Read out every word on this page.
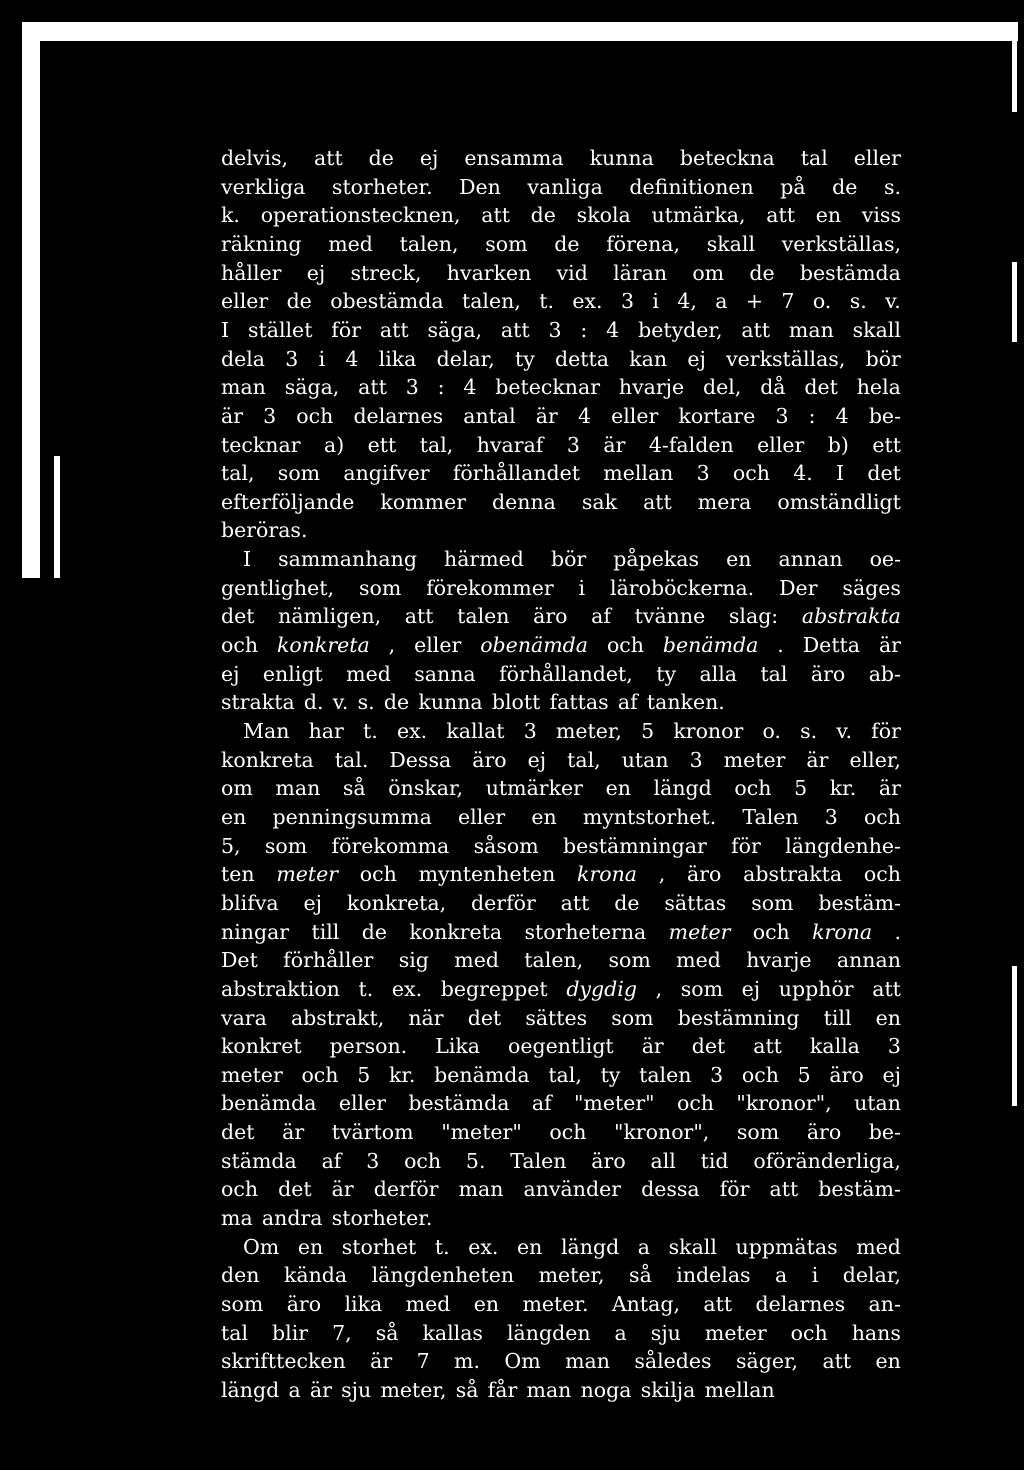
delvis, att de ej ensamma kunna beteckna tal eller
verkliga storheter. Den vanliga definitionen på de s.
k. operationstecknen, att de skola utmärka, att en viss
räkning med talen, som de förena, skall verkställas,
håller ej streck, hvarken vid läran om de bestämda
eller de obestämda talen, t. ex. 3 i 4, a + 7 o. s. v.
I stället för att säga, att 3 : 4 betyder, att man skall
dela 3 i 4 lika delar, ty detta kan ej verkställas, bör
man säga, att 3 : 4 betecknar hvarje del, då det hela
är 3 och delarnes antal är 4 eller kortare 3 : 4 be-
tecknar a) ett tal, hvaraf 3 är 4-falden eller b) ett
tal, som angifver förhållandet mellan 3 och 4. I det
efterföljande kommer denna sak att mera omständligt
beröras.
I sammanhang härmed bör påpekas en annan oe-
gentlighet, som förekommer i läroböckerna. Der säges
det nämligen, att talen äro af tvänne slag: abstrakta
och konkreta , eller obenämda och benämda . Detta är
ej enligt med sanna förhållandet, ty alla tal äro ab-
strakta d. v. s. de kunna blott fattas af tanken.
Man har t. ex. kallat 3 meter, 5 kronor o. s. v. för
konkreta tal. Dessa äro ej tal, utan 3 meter är eller,
om man så önskar, utmärker en längd och 5 kr. är
en penningsumma eller en myntstorhet. Talen 3 och
5, som förekomma såsom bestämningar för längdenhe-
ten meter och myntenheten krona , äro abstrakta och
blifva ej konkreta, derför att de sättas som bestäm-
ningar till de konkreta storheterna meter och krona .
Det förhåller sig med talen, som med hvarje annan
abstraktion t. ex. begreppet dygdig , som ej upphör att
vara abstrakt, när det sättes som bestämning till en
konkret person. Lika oegentligt är det att kalla 3
meter och 5 kr. benämda tal, ty talen 3 och 5 äro ej
benämda eller bestämda af "meter" och "kronor", utan
det är tvärtom "meter" och "kronor", som äro be-
stämda af 3 och 5. Talen äro all tid oföränderliga,
och det är derför man använder dessa för att bestäm-
ma andra storheter.
Om en storhet t. ex. en längd a skall uppmätas med
den kända längdenheten meter, så indelas a i delar,
som äro lika med en meter. Antag, att delarnes an-
tal blir 7, så kallas längden a sju meter och hans
skrifttecken är 7 m. Om man således säger, att en
längd a är sju meter, så får man noga skilja mellan
